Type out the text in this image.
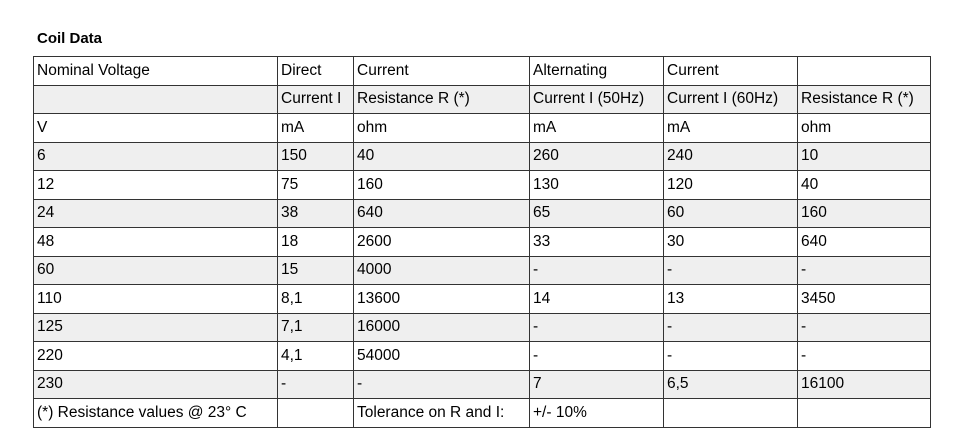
Coil Data
Nominal Voltage	Direct	Current	Alternating	Current	
	Current I	Resistance R (*)	Current I (50Hz)	Current I (60Hz)	Resistance R (*)
V	mA	ohm	mA	mA	ohm
6	150	40	260	240	10
12	75	160	130	120	40
24	38	640	65	60	160
48	18	2600	33	30	640
60	15	4000	-	-	-
110	8,1	13600	14	13	3450
125	7,1	16000	-	-	-
220	4,1	54000	-	-	-
230	-	-	7	6,5	16100
(*) Resistance values @ 23° C		Tolerance on R and I:	+/- 10%		
